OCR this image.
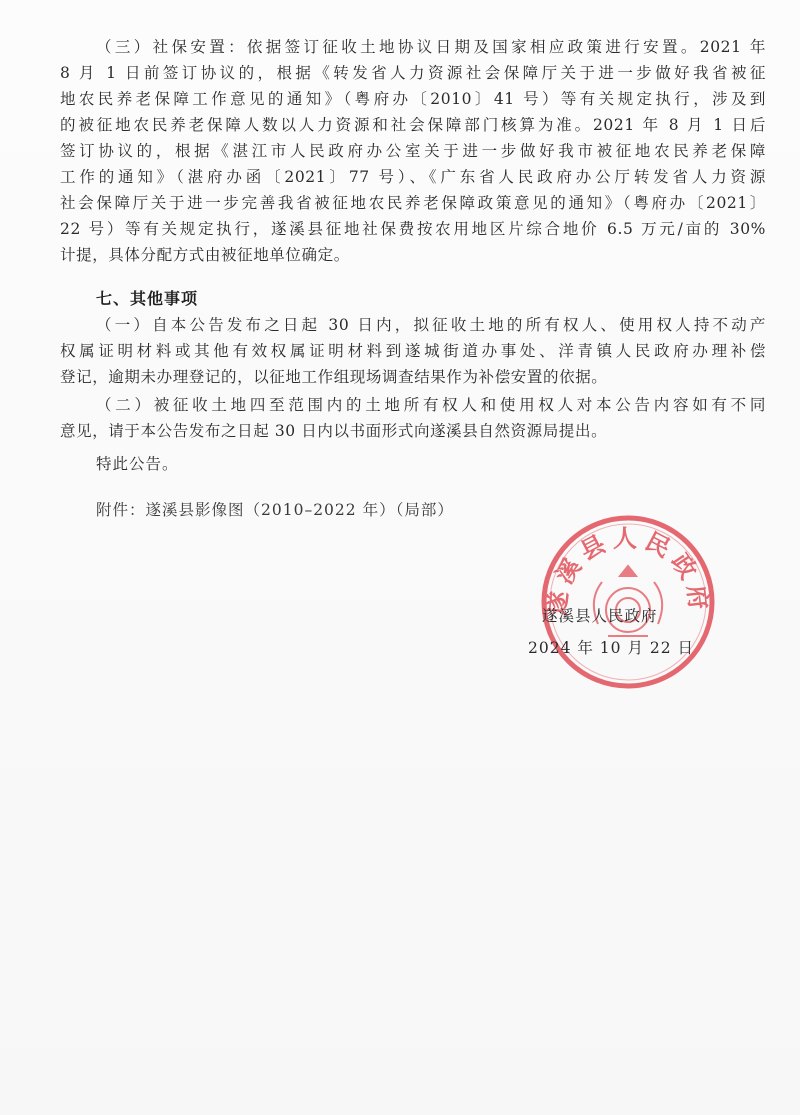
（三）社保安置：依据签订征收土地协议日期及国家相应政策进行安置。2021 年
8 月 1 日前签订协议的，根据《转发省人力资源社会保障厅关于进一步做好我省被征
地农民养老保障工作意见的通知》（粤府办〔2010〕41 号）等有关规定执行，涉及到
的被征地农民养老保障人数以人力资源和社会保障部门核算为准。2021 年 8 月 1 日后
签订协议的，根据《湛江市人民政府办公室关于进一步做好我市被征地农民养老保障
工作的通知》（湛府办函〔2021〕77 号）、《广东省人民政府办公厅转发省人力资源
社会保障厅关于进一步完善我省被征地农民养老保障政策意见的通知》（粤府办〔2021〕
22 号）等有关规定执行，遂溪县征地社保费按农用地区片综合地价 6.5 万元/亩的 30%
计提，具体分配方式由被征地单位确定。
七、其他事项
（一）自本公告发布之日起 30 日内，拟征收土地的所有权人、使用权人持不动产
权属证明材料或其他有效权属证明材料到遂城街道办事处、洋青镇人民政府办理补偿
登记，逾期未办理登记的，以征地工作组现场调查结果作为补偿安置的依据。
（二）被征收土地四至范围内的土地所有权人和使用权人对本公告内容如有不同
意见，请于本公告发布之日起 30 日内以书面形式向遂溪县自然资源局提出。
特此公告。
附件：遂溪县影像图（2010–2022 年）（局部）
遂溪县人民政府
遂溪县人民政府
2024 年 10 月 22 日
